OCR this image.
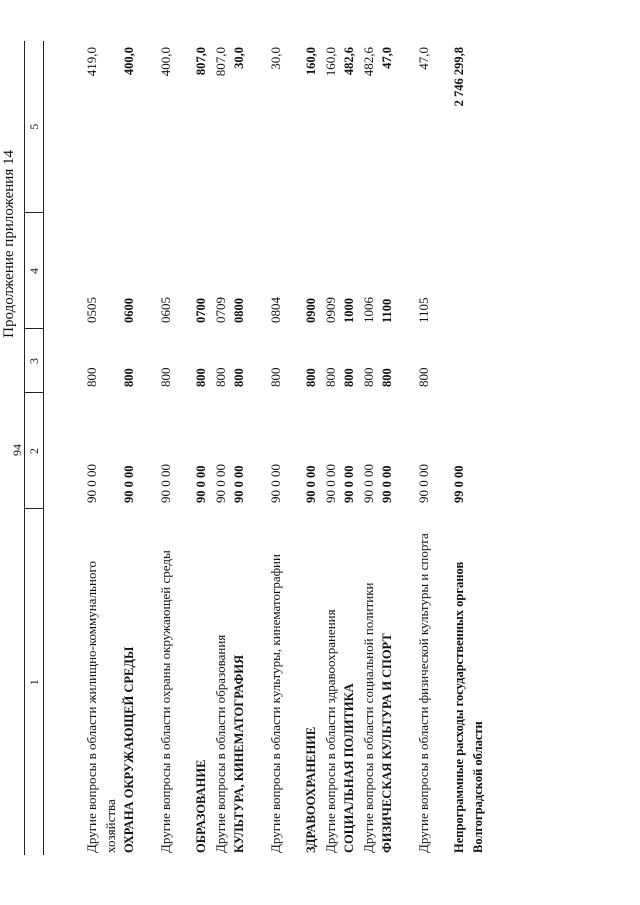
94
Продолжение приложения 14
1	2	3	4	5
Другие вопросы в области жилищно-коммунального хозяйства	90 0 00	800	0505	419,0
ОХРАНА ОКРУЖАЮЩЕЙ СРЕДЫ	90 0 00	800	0600	400,0
Другие вопросы в области охраны окружающей среды	90 0 00	800	0605	400,0
ОБРАЗОВАНИЕ	90 0 00	800	0700	807,0
Другие вопросы в области образования	90 0 00	800	0709	807,0
КУЛЬТУРА, КИНЕМАТОГРАФИЯ	90 0 00	800	0800	30,0
Другие вопросы в области культуры, кинематографии	90 0 00	800	0804	30,0
ЗДРАВООХРАНЕНИЕ	90 0 00	800	0900	160,0
Другие вопросы в области здравоохранения	90 0 00	800	0909	160,0
СОЦИАЛЬНАЯ ПОЛИТИКА	90 0 00	800	1000	482,6
Другие вопросы в области социальной политики	90 0 00	800	1006	482,6
ФИЗИЧЕСКАЯ КУЛЬТУРА И СПОРТ	90 0 00	800	1100	47,0
Другие вопросы в области физической культуры и спорта	90 0 00	800	1105	47,0
Непрограммные расходы государственных органов Волгоградской области	99 0 00			2 746 299,8
